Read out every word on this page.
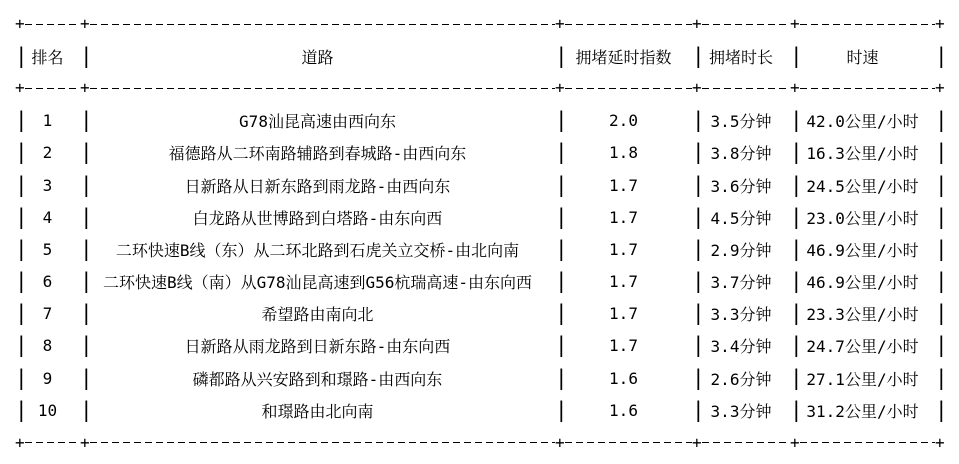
+	+	+	+	+	+
| 排名 |	道路	| 拥堵延时指数 | 拥堵时长 |	时速	|
+	+	+	+	+	+
| 1	|	G78汕昆高速由西向东	|	2.0	| 3.5分钟 | 42.0公里/小时 |
| 2	|	福德路从二环南路辅路到春城路-由西向东	|	1.8	| 3.8分钟 | 16.3公里/小时 |
| 3	|	日新路从日新东路到雨龙路-由西向东	|	1.7	| 3.6分钟 | 24.5公里/小时 |
| 4	|	白龙路从世博路到白塔路-由东向西	|	1.7	| 4.5分钟 | 23.0公里/小时 |
| 5	|	二环快速B线（东）从二环北路到石虎关立交桥-由北向南	|	1.7	| 2.9分钟 | 46.9公里/小时 |
| 6	| 二环快速B线（南）从G78汕昆高速到G56杭瑞高速-由东向西	|	1.7	| 3.7分钟 | 46.9公里/小时 |
| 7	|	希望路由南向北	|	1.7	| 3.3分钟 | 23.3公里/小时 |
| 8	|	日新路从雨龙路到日新东路-由东向西	|	1.7	| 3.4分钟 | 24.7公里/小时 |
| 9	|	磷都路从兴安路到和璟路-由西向东	|	1.6	| 2.6分钟 | 27.1公里/小时 |
| 10	|	和璟路由北向南	|	1.6	| 3.3分钟 | 31.2公里/小时 |
+	+	+	+	+	+
